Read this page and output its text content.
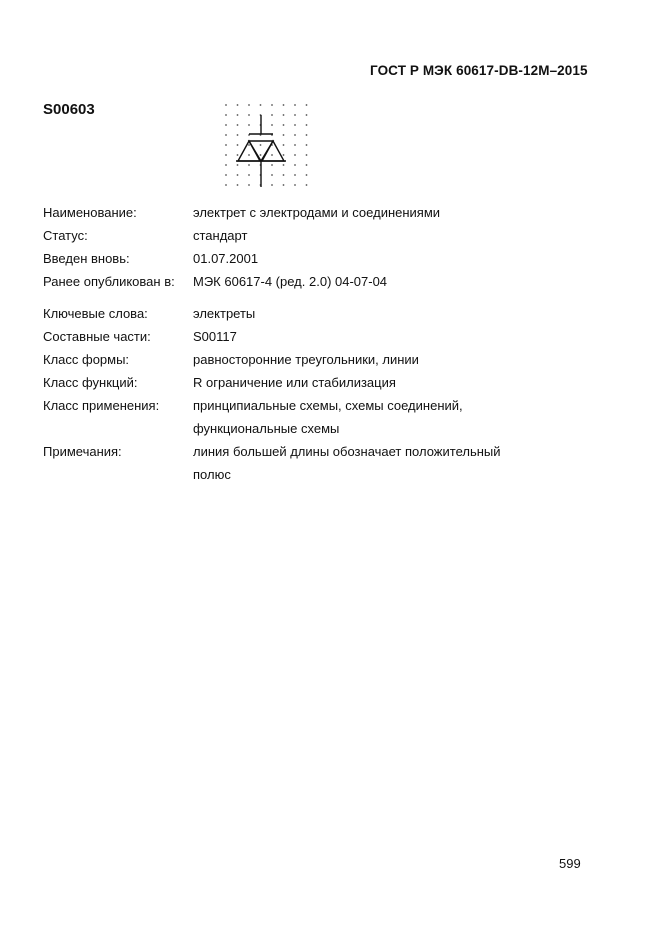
ГОСТ Р МЭК 60617-DB-12M–2015
S00603
Наименование:	электрет с электродами и соединениями
Статус:	стандарт
Введен вновь:	01.07.2001
Ранее опубликован в: МЭК 60617-4 (ред. 2.0) 04-07-04
Ключевые слова:	электреты
Составные части:	S00117
Класс формы:	равносторонние треугольники, линии
Класс функций:	R ограничение или стабилизация
Класс применения:	принципиальные схемы, схемы соединений,
функциональные схемы
Примечания:	линия большей длины обозначает положительный
полюс
599
